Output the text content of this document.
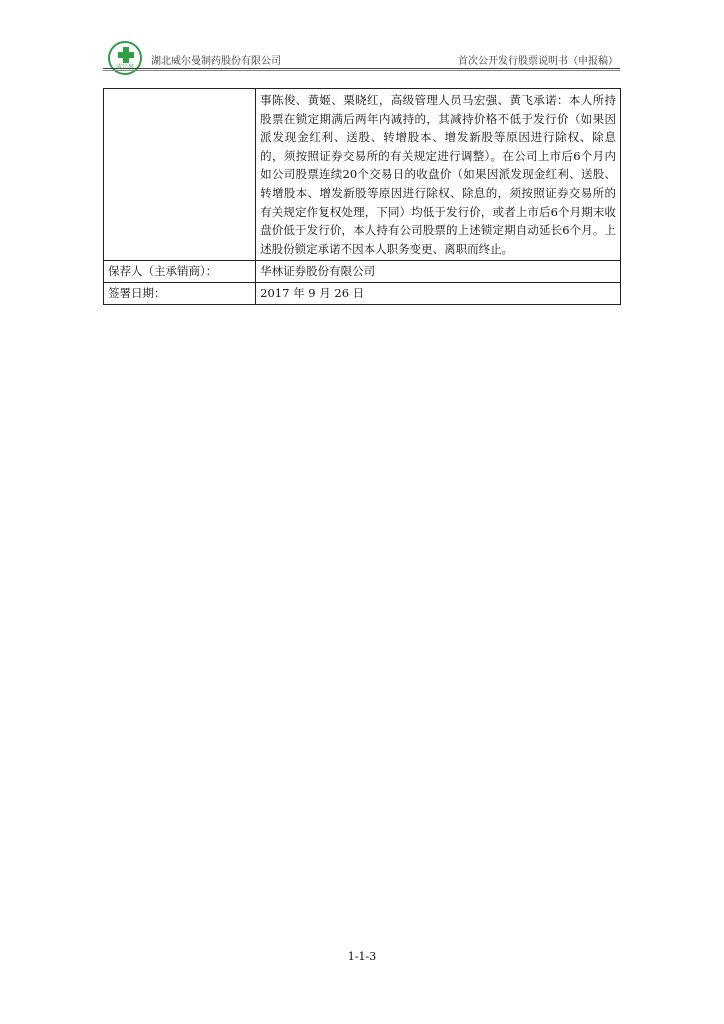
湖北威尔曼制药股份有限公司	首次公开发行股票说明书（申报稿）
	事陈俊、黄姬、栗晓红，高级管理人员马宏强、黄飞承诺：本人所持股票在锁定期满后两年内减持的，其减持价格不低于发行价（如果因派发现金红利、送股、转增股本、增发新股等原因进行除权、除息的，须按照证券交易所的有关规定进行调整）。在公司上市后6个月内如公司股票连续20个交易日的收盘价（如果因派发现金红利、送股、转增股本、增发新股等原因进行除权、除息的，须按照证券交易所的有关规定作复权处理，下同）均低于发行价，或者上市后6个月期末收盘价低于发行价，本人持有公司股票的上述锁定期自动延长6个月。上述股份锁定承诺不因本人职务变更、离职而终止。
保荐人（主承销商）：	华林证券股份有限公司
签署日期：	2017 年 9 月 26 日
1-1-3
